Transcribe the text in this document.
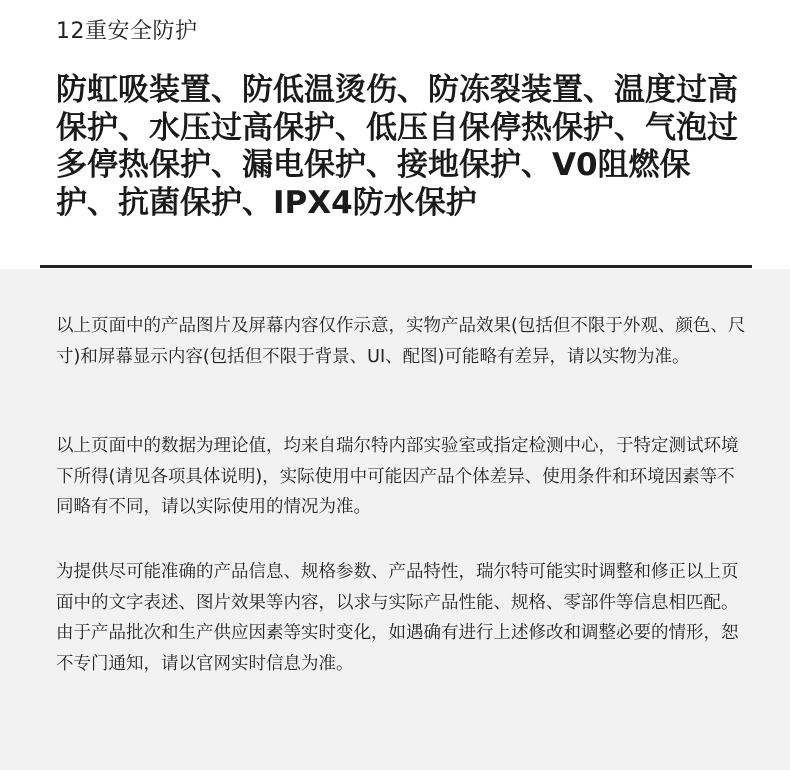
12重安全防护

防虹吸装置、防低温烫伤、防冻裂装置、温度过高保护、水压过高保护、低压自保停热保护、气泡过多停热保护、漏电保护、接地保护、V0阻燃保护、抗菌保护、IPX4防水保护

以上页面中的产品图片及屏幕内容仅作示意，实物产品效果(包括但不限于外观、颜色、尺寸)和屏幕显示内容(包括但不限于背景、UI、配图)可能略有差异，请以实物为准。

以上页面中的数据为理论值，均来自瑞尔特内部实验室或指定检测中心，于特定测试环境下所得(请见各项具体说明)，实际使用中可能因产品个体差异、使用条件和环境因素等不同略有不同，请以实际使用的情况为准。

为提供尽可能准确的产品信息、规格参数、产品特性，瑞尔特可能实时调整和修正以上页面中的文字表述、图片效果等内容，以求与实际产品性能、规格、零部件等信息相匹配。由于产品批次和生产供应因素等实时变化，如遇确有进行上述修改和调整必要的情形，恕不专门通知，请以官网实时信息为准。
